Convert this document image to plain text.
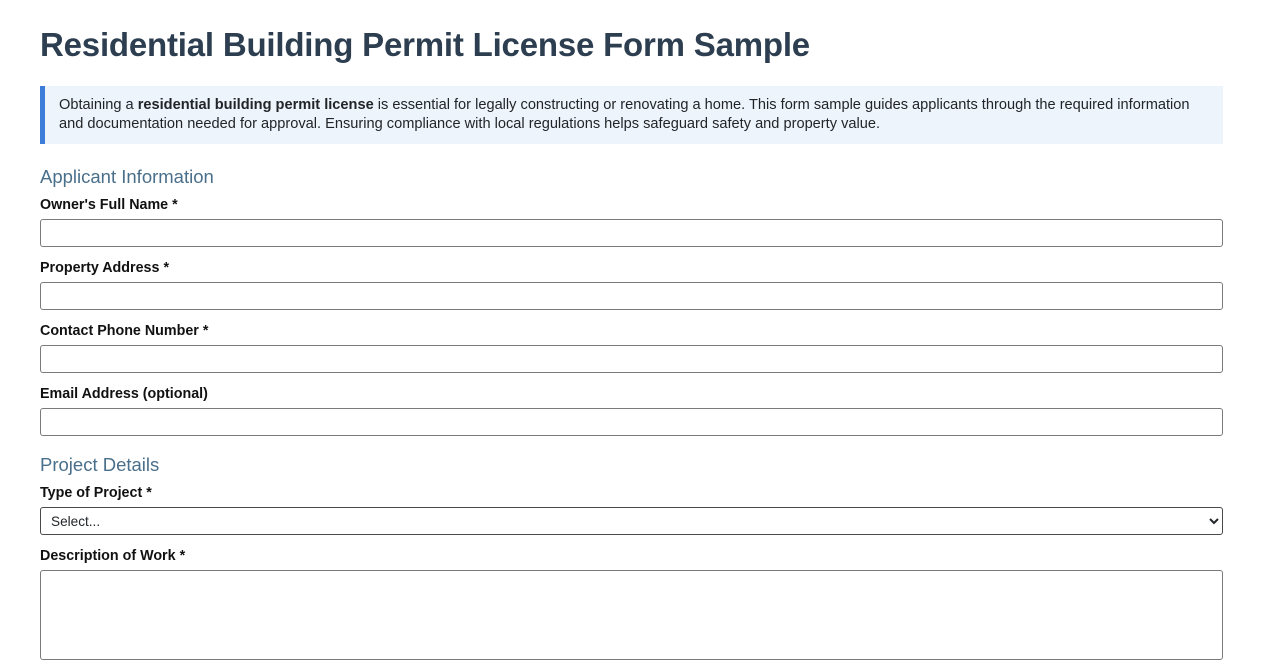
Residential Building Permit License Form Sample
Obtaining a residential building permit license is essential for legally constructing or renovating a home. This form sample guides applicants through the required information and documentation needed for approval. Ensuring compliance with local regulations helps safeguard safety and property value.
Applicant Information
Owner's Full Name *
Property Address *
Contact Phone Number *
Email Address (optional)
Project Details
Type of Project *
Select...
Description of Work *
